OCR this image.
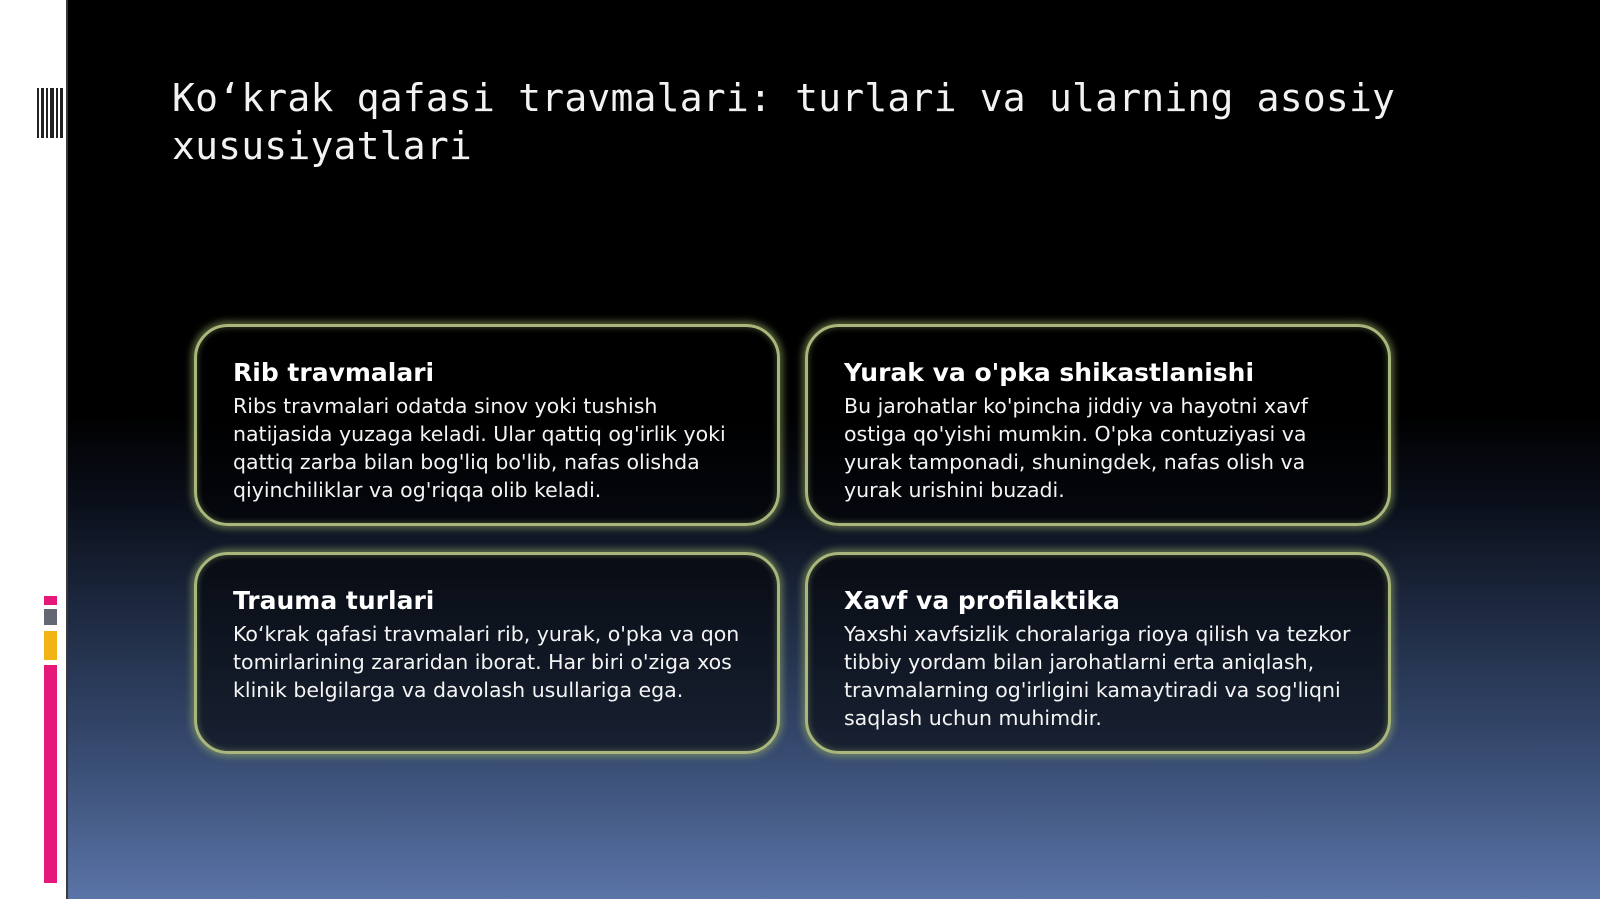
Ko‘krak qafasi travmalari: turlari va ularning asosiy xususiyatlari
Rib travmalari

Ribs travmalari odatda sinov yoki tushish natijasida yuzaga keladi. Ular qattiq og'irlik yoki qattiq zarba bilan bog'liq bo'lib, nafas olishda qiyinchiliklar va og'riqqa olib keladi.

Yurak va o'pka shikastlanishi

Bu jarohatlar ko'pincha jiddiy va hayotni xavf ostiga qo'yishi mumkin. O'pka contuziyasi va yurak tamponadi, shuningdek, nafas olish va yurak urishini buzadi.

Trauma turlari

Ko‘krak qafasi travmalari rib, yurak, o'pka va qon tomirlarining zararidan iborat. Har biri o'ziga xos klinik belgilarga va davolash usullariga ega.

Xavf va profilaktika

Yaxshi xavfsizlik choralariga rioya qilish va tezkor tibbiy yordam bilan jarohatlarni erta aniqlash, travmalarning og'irligini kamaytiradi va sog'liqni saqlash uchun muhimdir.
